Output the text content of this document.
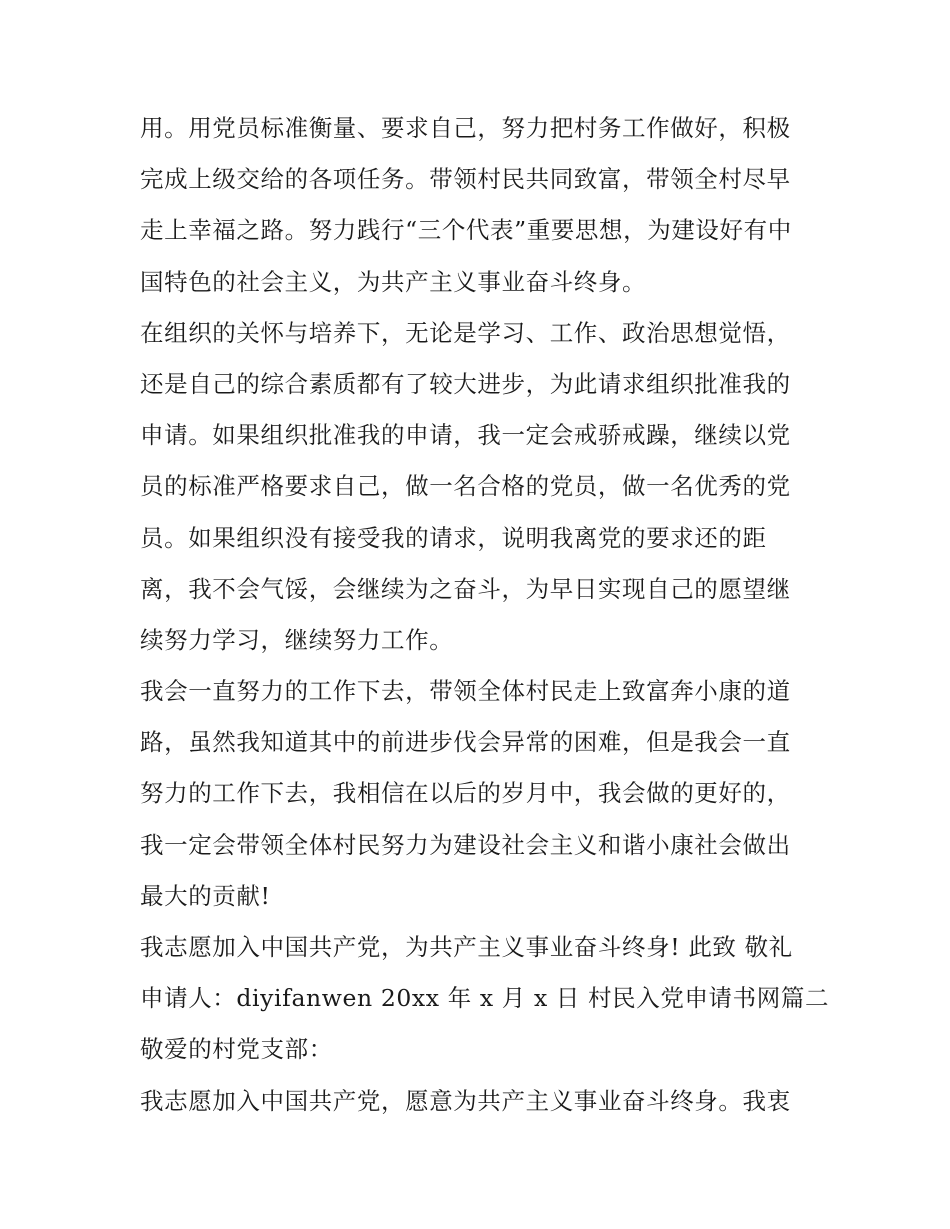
用。用党员标准衡量、要求自己，努力把村务工作做好，积极
完成上级交给的各项任务。带领村民共同致富，带领全村尽早
走上幸福之路。努力践行“三个代表”重要思想，为建设好有中
国特色的社会主义，为共产主义事业奋斗终身。
在组织的关怀与培养下，无论是学习、工作、政治思想觉悟，
还是自己的综合素质都有了较大进步，为此请求组织批准我的
申请。如果组织批准我的申请，我一定会戒骄戒躁，继续以党
员的标准严格要求自己，做一名合格的党员，做一名优秀的党
员。如果组织没有接受我的请求，说明我离党的要求还的距
离，我不会气馁，会继续为之奋斗，为早日实现自己的愿望继
续努力学习，继续努力工作。
我会一直努力的工作下去，带领全体村民走上致富奔小康的道
路，虽然我知道其中的前进步伐会异常的困难，但是我会一直
努力的工作下去，我相信在以后的岁月中，我会做的更好的，
我一定会带领全体村民努力为建设社会主义和谐小康社会做出
最大的贡献!
我志愿加入中国共产党，为共产主义事业奋斗终身! 此致 敬礼
申请人：diyifanwen 20xx 年 x 月 x 日 村民入党申请书网篇二
敬爱的村党支部：
我志愿加入中国共产党，愿意为共产主义事业奋斗终身。我衷
